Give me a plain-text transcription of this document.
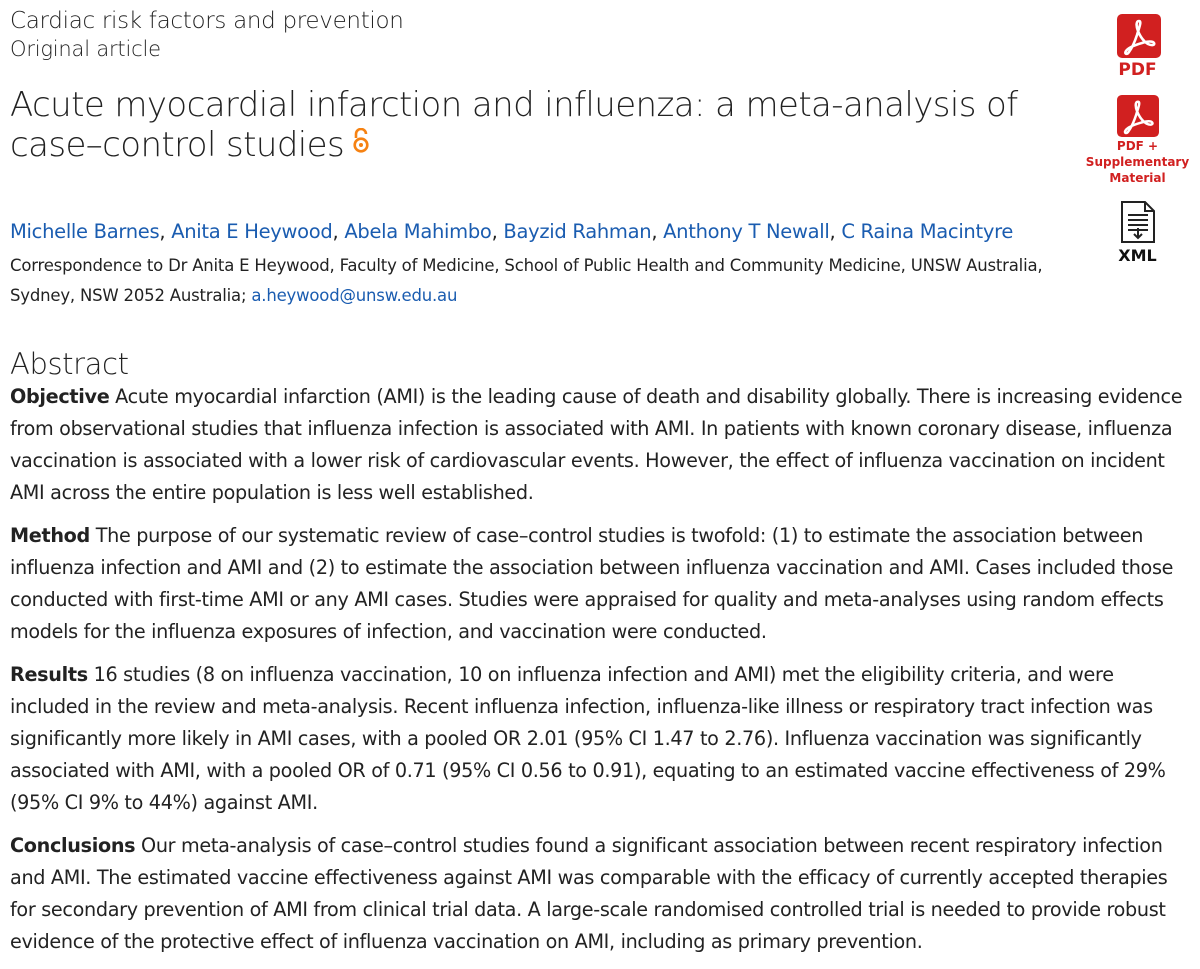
Cardiac risk factors and prevention
Original article
Acute myocardial infarction and influenza: a meta-analysis of case–control studies
Michelle Barnes, Anita E Heywood, Abela Mahimbo, Bayzid Rahman, Anthony T Newall, C Raina Macintyre
Correspondence to Dr Anita E Heywood, Faculty of Medicine, School of Public Health and Community Medicine, UNSW Australia, Sydney, NSW 2052 Australia; a.heywood@unsw.edu.au
Abstract

Objective Acute myocardial infarction (AMI) is the leading cause of death and disability globally. There is increasing evidence from observational studies that influenza infection is associated with AMI. In patients with known coronary disease, influenza vaccination is associated with a lower risk of cardiovascular events. However, the effect of influenza vaccination on incident AMI across the entire population is less well established.

Method The purpose of our systematic review of case–control studies is twofold: (1) to estimate the association between influenza infection and AMI and (2) to estimate the association between influenza vaccination and AMI. Cases included those conducted with first-time AMI or any AMI cases. Studies were appraised for quality and meta-analyses using random effects models for the influenza exposures of infection, and vaccination were conducted.

Results 16 studies (8 on influenza vaccination, 10 on influenza infection and AMI) met the eligibility criteria, and were included in the review and meta-analysis. Recent influenza infection, influenza-like illness or respiratory tract infection was significantly more likely in AMI cases, with a pooled OR 2.01 (95% CI 1.47 to 2.76). Influenza vaccination was significantly associated with AMI, with a pooled OR of 0.71 (95% CI 0.56 to 0.91), equating to an estimated vaccine effectiveness of 29% (95% CI 9% to 44%) against AMI.

Conclusions Our meta-analysis of case–control studies found a significant association between recent respiratory infection and AMI. The estimated vaccine effectiveness against AMI was comparable with the efficacy of currently accepted therapies for secondary prevention of AMI from clinical trial data. A large-scale randomised controlled trial is needed to provide robust evidence of the protective effect of influenza vaccination on AMI, including as primary prevention.

PDF
PDF +
Supplementary
Material
XML
